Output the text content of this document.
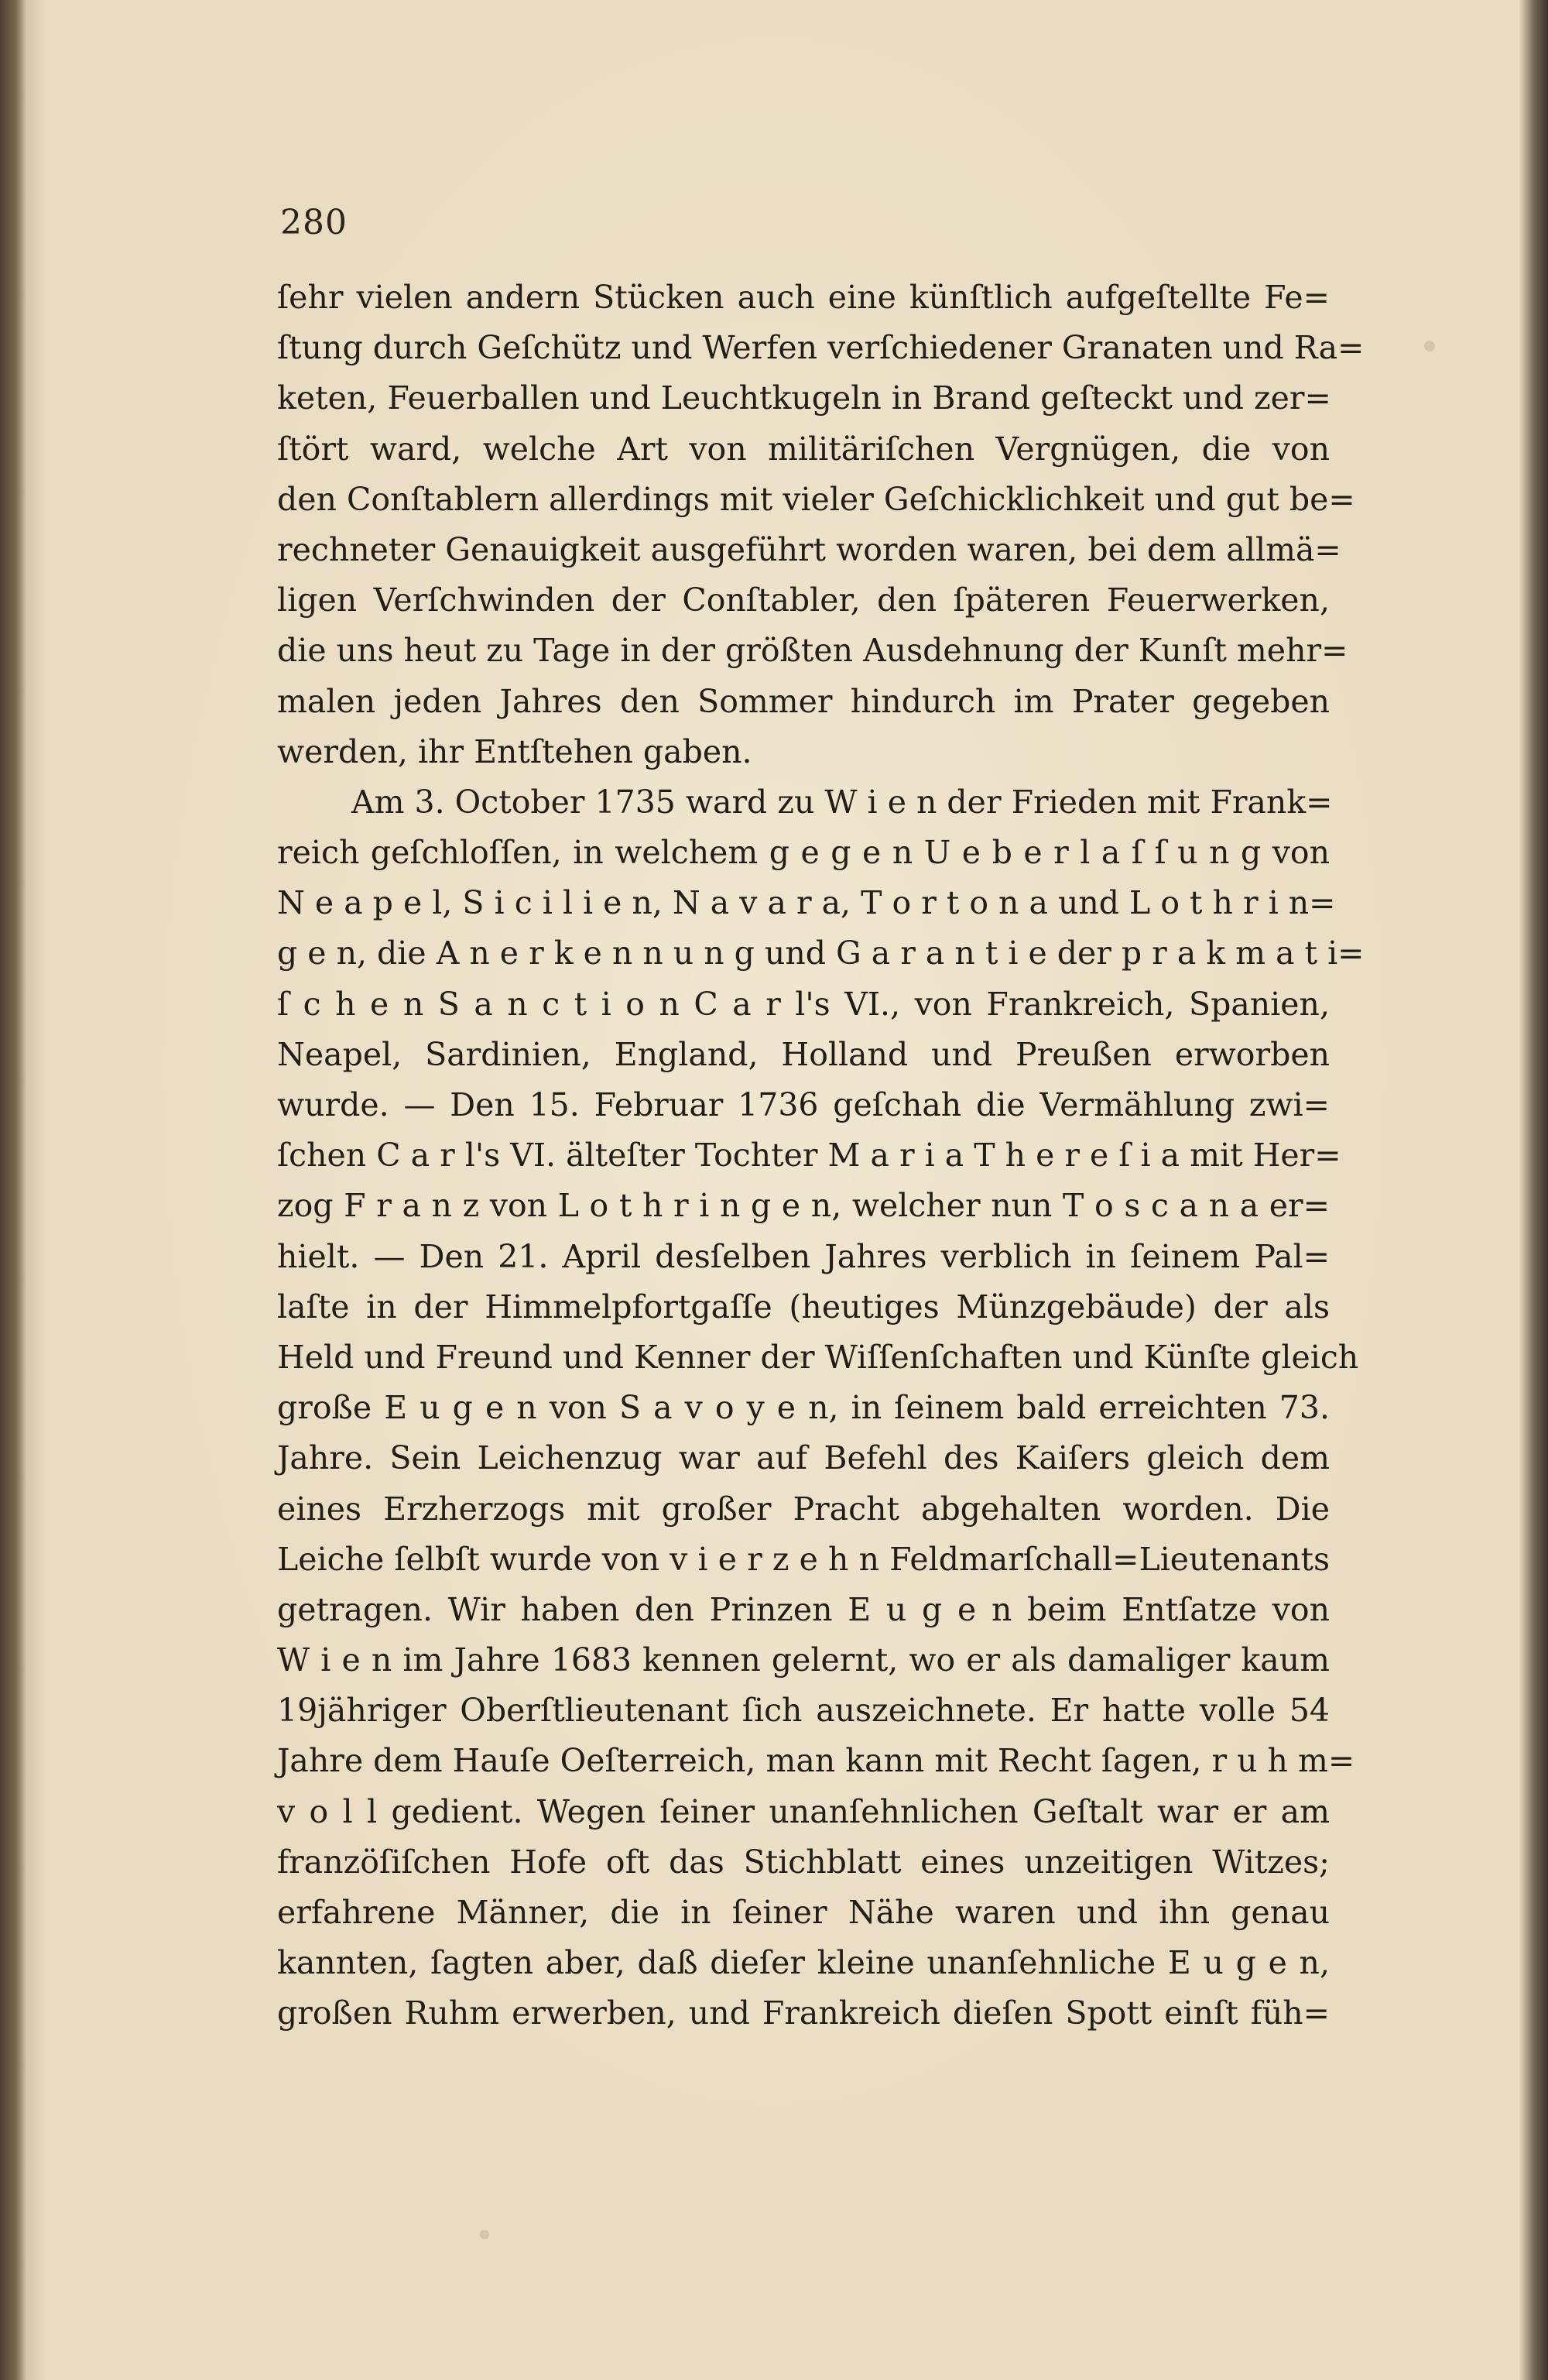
280
ſehr vielen andern Stücken auch eine künſtlich aufgeſtellte Fe=
ſtung durch Geſchütz und Werfen verſchiedener Granaten und Ra=
keten, Feuerballen und Leuchtkugeln in Brand geſteckt und zer=
ſtört ward, welche Art von militäriſchen Vergnügen, die von
den Conſtablern allerdings mit vieler Geſchicklichkeit und gut be=
rechneter Genauigkeit ausgeführt worden waren, bei dem allmä=
ligen Verſchwinden der Conſtabler, den ſpäteren Feuerwerken,
die uns heut zu Tage in der größten Ausdehnung der Kunſt mehr=
malen jeden Jahres den Sommer hindurch im Prater gegeben
werden, ihr Entſtehen gaben.
Am 3. October 1735 ward zu W i e n der Frieden mit Frank=
reich geſchloſſen, in welchem g e g e n U e b e r l a ſ ſ u n g von
N e a p e l, S i c i l i e n, N a v a r a, T o r t o n a und L o t h r i n=
g e n, die A n e r k e n n u n g und G a r a n t i e der p r a k m a t i=
ſ c h e n S a n c t i o n C a r l's VI., von Frankreich, Spanien,
Neapel, Sardinien, England, Holland und Preußen erworben
wurde. — Den 15. Februar 1736 geſchah die Vermählung zwi=
ſchen C a r l's VI. älteſter Tochter M a r i a T h e r e ſ i a mit Her=
zog F r a n z von L o t h r i n g e n, welcher nun T o s c a n a er=
hielt. — Den 21. April desſelben Jahres verblich in ſeinem Pal=
laſte in der Himmelpfortgaſſe (heutiges Münzgebäude) der als
Held und Freund und Kenner der Wiſſenſchaften und Künſte gleich
große E u g e n von S a v o y e n, in ſeinem bald erreichten 73.
Jahre. Sein Leichenzug war auf Befehl des Kaiſers gleich dem
eines Erzherzogs mit großer Pracht abgehalten worden. Die
Leiche ſelbſt wurde von v i e r z e h n Feldmarſchall=Lieutenants
getragen. Wir haben den Prinzen E u g e n beim Entſatze von
W i e n im Jahre 1683 kennen gelernt, wo er als damaliger kaum
19jähriger Oberſtlieutenant ſich auszeichnete. Er hatte volle 54
Jahre dem Hauſe Oeſterreich, man kann mit Recht ſagen, r u h m=
v o l l gedient. Wegen ſeiner unanſehnlichen Geſtalt war er am
franzöſiſchen Hofe oft das Stichblatt eines unzeitigen Witzes;
erfahrene Männer, die in ſeiner Nähe waren und ihn genau
kannten, ſagten aber, daß dieſer kleine unanſehnliche E u g e n,
großen Ruhm erwerben, und Frankreich dieſen Spott einſt füh=
